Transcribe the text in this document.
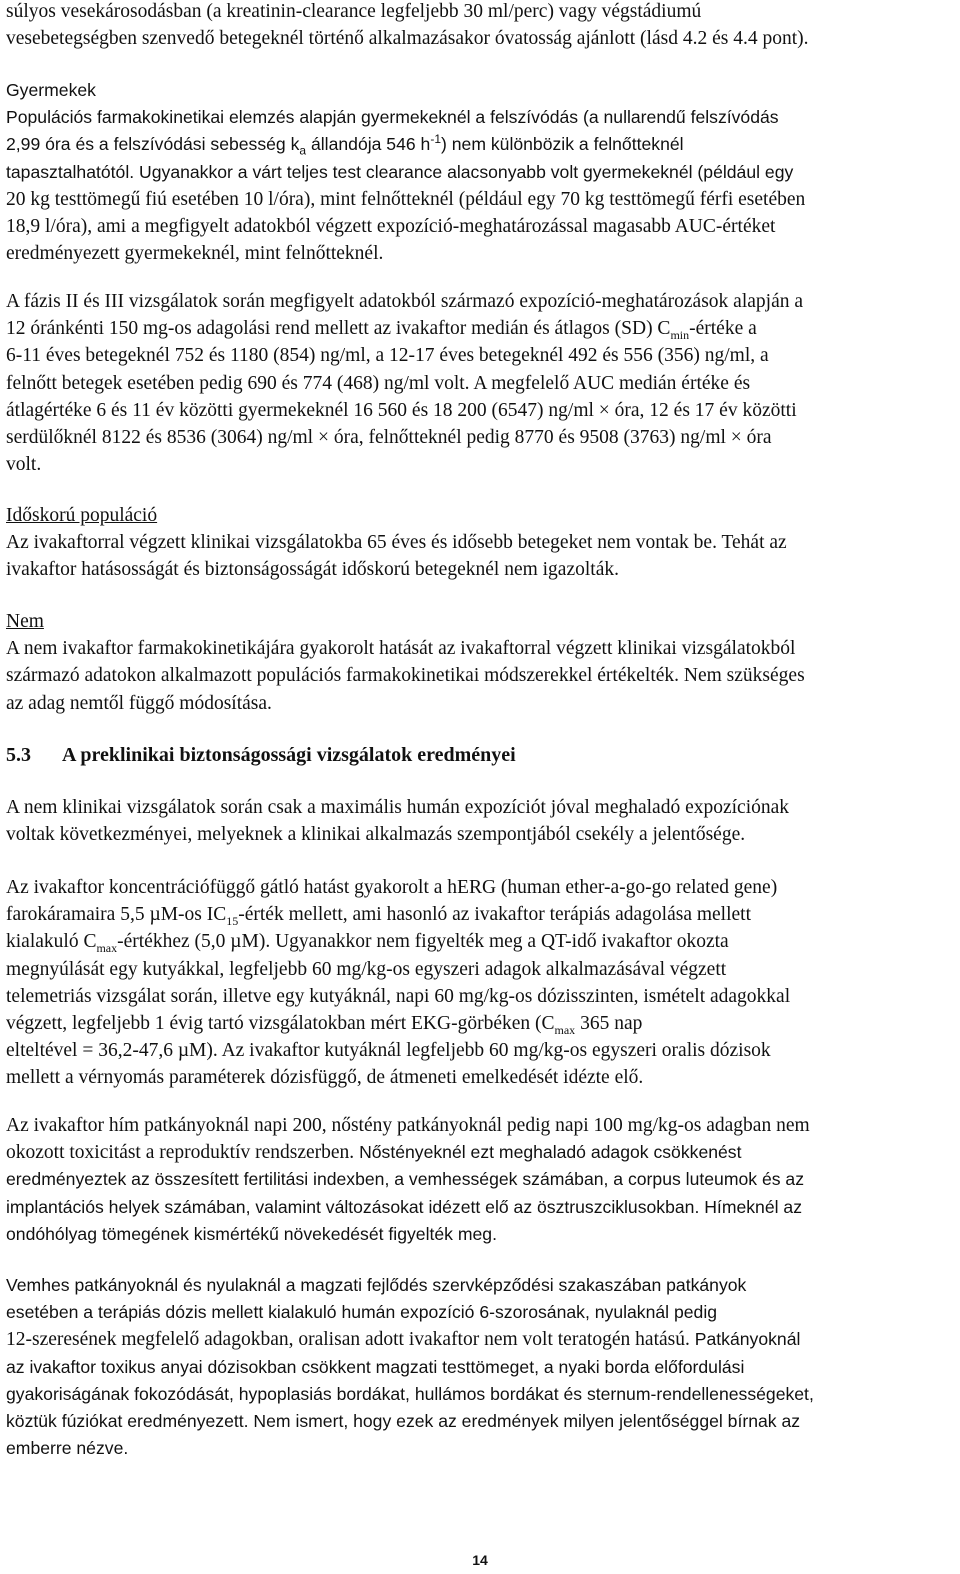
súlyos vesekárosodásban (a kreatinin-clearance legfeljebb 30 ml/perc) vagy végstádiumú
vesebetegségben szenvedő betegeknél történő alkalmazásakor óvatosság ajánlott (lásd 4.2 és 4.4 pont).
Gyermekek
Populációs farmakokinetikai elemzés alapján gyermekeknél a felszívódás (a nullarendű felszívódás
2,99 óra és a felszívódási sebesség $k_a$ állandója 546 $h^{-1}$) nem különbözik a felnőtteknél
tapasztalhatótól. Ugyanakkor a várt teljes test clearance alacsonyabb volt gyermekeknél (például egy
20 kg testtömegű fiú esetében 10 l/óra), mint felnőtteknél (például egy 70 kg testtömegű férfi esetében
18,9 l/óra), ami a megfigyelt adatokból végzett expozíció-meghatározással magasabb AUC-értéket
eredményezett gyermekeknél, mint felnőtteknél.
A fázis II és III vizsgálatok során megfigyelt adatokból származó expozíció-meghatározások alapján a
12 óránkénti 150 mg-os adagolási rend mellett az ivakaftor medián és átlagos (SD) $C_{min}$-értéke a
6-11 éves betegeknél 752 és 1180 (854) ng/ml, a 12-17 éves betegeknél 492 és 556 (356) ng/ml, a
felnőtt betegek esetében pedig 690 és 774 (468) ng/ml volt. A megfelelő AUC medián értéke és
átlagértéke 6 és 11 év közötti gyermekeknél 16 560 és 18 200 (6547) ng/ml × óra, 12 és 17 év közötti
serdülőknél 8122 és 8536 (3064) ng/ml × óra, felnőtteknél pedig 8770 és 9508 (3763) ng/ml × óra
volt.
Időskorú populáció
Az ivakaftorral végzett klinikai vizsgálatokba 65 éves és idősebb betegeket nem vontak be. Tehát az
ivakaftor hatásosságát és biztonságosságát időskorú betegeknél nem igazolták.
Nem
A nem ivakaftor farmakokinetikájára gyakorolt hatását az ivakaftorral végzett klinikai vizsgálatokból
származó adatokon alkalmazott populációs farmakokinetikai módszerekkel értékelték. Nem szükséges
az adag nemtől függő módosítása.
5.3 A preklinikai biztonságossági vizsgálatok eredményei
A nem klinikai vizsgálatok során csak a maximális humán expozíciót jóval meghaladó expozíciónak
voltak következményei, melyeknek a klinikai alkalmazás szempontjából csekély a jelentősége.
Az ivakaftor koncentrációfüggő gátló hatást gyakorolt a hERG (human ether-a-go-go related gene)
farokáramaira 5,5 µM-os $IC_{15}$-érték mellett, ami hasonló az ivakaftor terápiás adagolása mellett
kialakuló $C_{max}$-értékhez (5,0 µM). Ugyanakkor nem figyelték meg a QT-idő ivakaftor okozta
megnyúlását egy kutyákkal, legfeljebb 60 mg/kg-os egyszeri adagok alkalmazásával végzett
telemetriás vizsgálat során, illetve egy kutyáknál, napi 60 mg/kg-os dózisszinten, ismételt adagokkal
végzett, legfeljebb 1 évig tartó vizsgálatokban mért EKG-görbéken ($C_{max}$ 365 nap
elteltével = 36,2-47,6 µM). Az ivakaftor kutyáknál legfeljebb 60 mg/kg-os egyszeri oralis dózisok
mellett a vérnyomás paraméterek dózisfüggő, de átmeneti emelkedését idézte elő.
Az ivakaftor hím patkányoknál napi 200, nőstény patkányoknál pedig napi 100 mg/kg-os adagban nem
okozott toxicitást a reproduktív rendszerben. Nőstényeknél ezt meghaladó adagok csökkenést
eredményeztek az összesített fertilitási indexben, a vemhességek számában, a corpus luteumok és az
implantációs helyek számában, valamint változásokat idézett elő az ösztruszciklusokban. Hímeknél az
ondóhólyag tömegének kismértékű növekedését figyelték meg.
Vemhes patkányoknál és nyulaknál a magzati fejlődés szervképződési szakaszában patkányok
esetében a terápiás dózis mellett kialakuló humán expozíció 6-szorosának, nyulaknál pedig
12-szeresének megfelelő adagokban, oralisan adott ivakaftor nem volt teratogén hatású. Patkányoknál
az ivakaftor toxikus anyai dózisokban csökkent magzati testtömeget, a nyaki borda előfordulási
gyakoriságának fokozódását, hypoplasiás bordákat, hullámos bordákat és sternum-rendellenességeket,
köztük fúziókat eredményezett. Nem ismert, hogy ezek az eredmények milyen jelentőséggel bírnak az
emberre nézve.
14
